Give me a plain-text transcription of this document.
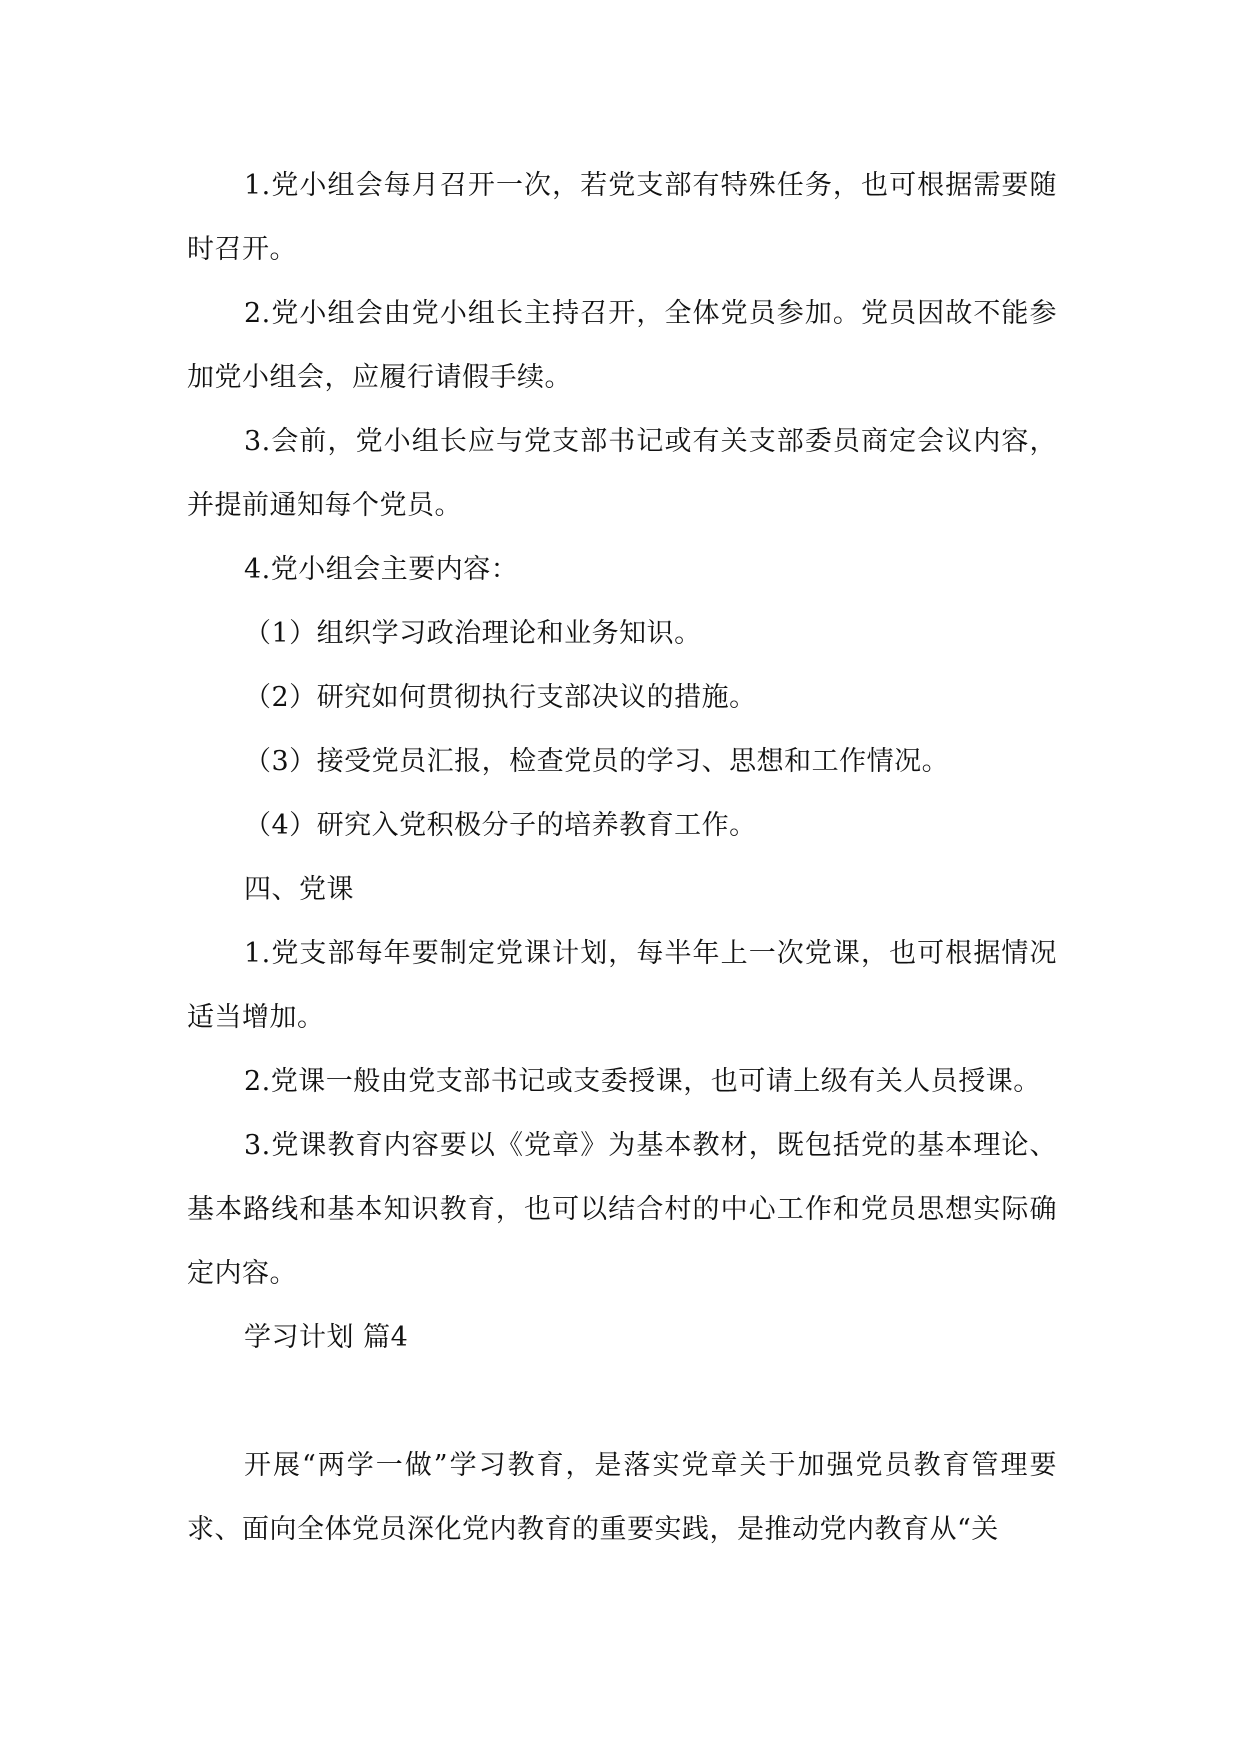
1.党小组会每月召开一次，若党支部有特殊任务，也可根据需要随时召开。

2.党小组会由党小组长主持召开，全体党员参加。党员因故不能参加党小组会，应履行请假手续。

3.会前，党小组长应与党支部书记或有关支部委员商定会议内容，并提前通知每个党员。

4.党小组会主要内容：

（1）组织学习政治理论和业务知识。

（2）研究如何贯彻执行支部决议的措施。

（3）接受党员汇报，检查党员的学习、思想和工作情况。

（4）研究入党积极分子的培养教育工作。

四、党课

1.党支部每年要制定党课计划，每半年上一次党课，也可根据情况适当增加。

2.党课一般由党支部书记或支委授课，也可请上级有关人员授课。

3.党课教育内容要以《党章》为基本教材，既包括党的基本理论、基本路线和基本知识教育，也可以结合村的中心工作和党员思想实际确定内容。

学习计划 篇4

开展“两学一做”学习教育，是落实党章关于加强党员教育管理要求、面向全体党员深化党内教育的重要实践，是推动党内教育从“关
